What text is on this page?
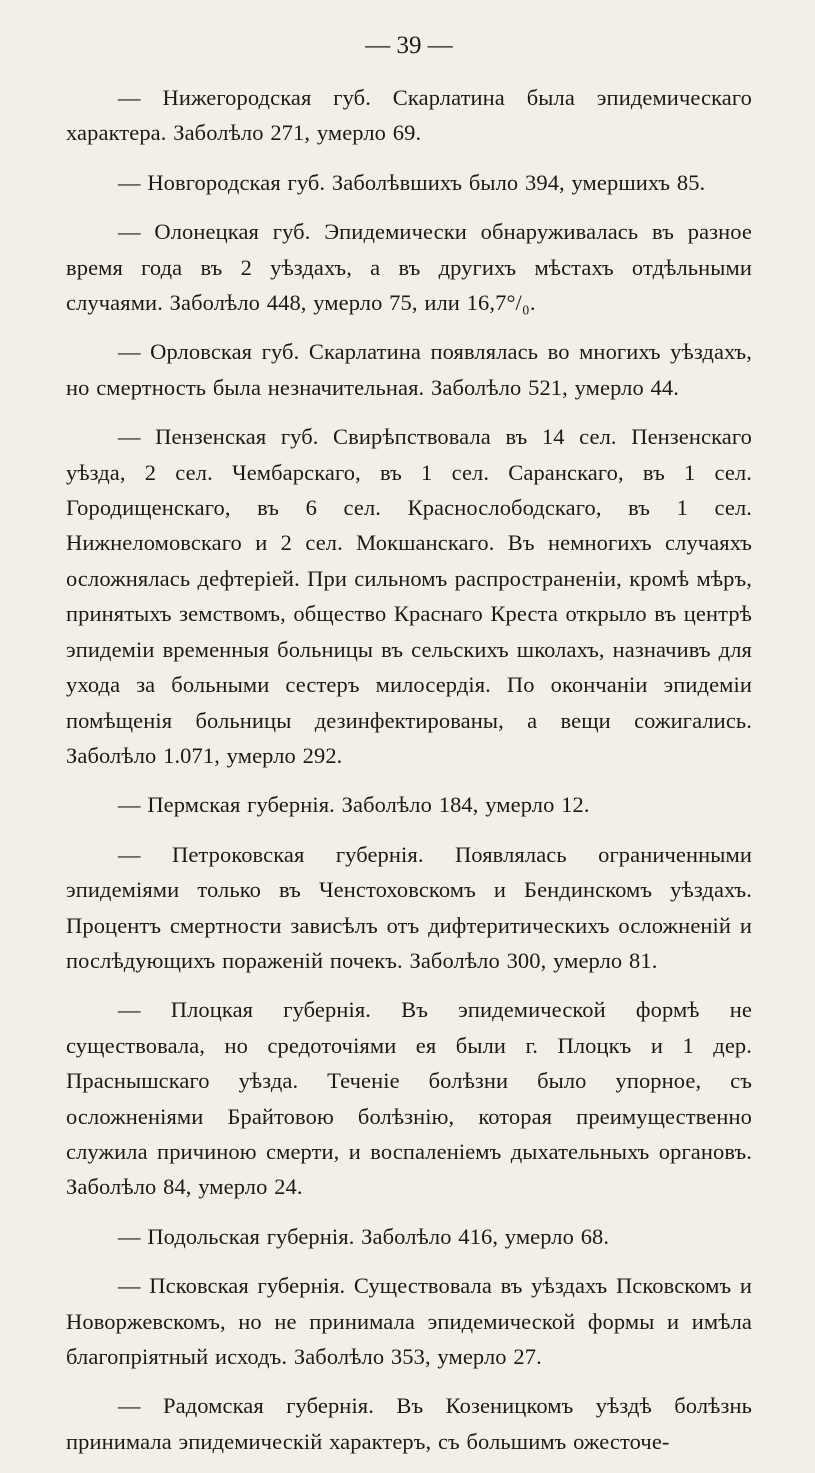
— 39 —

— Нижегородская губ. Скарлатина была эпидемическаго характера. Заболѣло 271, умерло 69.

— Новгородская губ. Заболѣвшихъ было 394, умершихъ 85.

— Олонецкая губ. Эпидемически обнаруживалась въ разное время года въ 2 уѣздахъ, а въ другихъ мѣстахъ отдѣльными случаями. Заболѣло 448, умерло 75, или 16,7°/₀.

— Орловская губ. Скарлатина появлялась во многихъ уѣздахъ, но смертность была незначительная. Заболѣло 521, умерло 44.

— Пензенская губ. Свирѣпствовала въ 14 сел. Пензенскаго уѣзда, 2 сел. Чембарскаго, въ 1 сел. Саранскаго, въ 1 сел. Городищенскаго, въ 6 сел. Краснослободскаго, въ 1 сел. Нижнеломовскаго и 2 сел. Мокшанскаго. Въ немногихъ случаяхъ осложнялась дефтеріей. При сильномъ распространеніи, кромѣ мѣръ, принятыхъ земствомъ, общество Краснаго Креста открыло въ центрѣ эпидеміи временныя больницы въ сельскихъ школахъ, назначивъ для ухода за больными сестеръ милосердія. По окончаніи эпидеміи помѣщенія больницы дезинфектированы, а вещи сожигались. Заболѣло 1.071, умерло 292.

— Пермская губернія. Заболѣло 184, умерло 12.

— Петроковская губернія. Появлялась ограниченными эпидеміями только въ Ченстоховскомъ и Бендинскомъ уѣздахъ. Процентъ смертности зависѣлъ отъ дифтеритическихъ осложненій и послѣдующихъ пораженій почекъ. Заболѣло 300, умерло 81.

— Плоцкая губернія. Въ эпидемической формѣ не существовала, но средоточіями ея были г. Плоцкъ и 1 дер. Праснышскаго уѣзда. Теченіе болѣзни было упорное, съ осложненіями Брайтовою болѣзнію, которая преимущественно служила причиною смерти, и воспаленіемъ дыхательныхъ органовъ. Заболѣло 84, умерло 24.

— Подольская губернія. Заболѣло 416, умерло 68.

— Псковская губернія. Существовала въ уѣздахъ Псковскомъ и Новоржевскомъ, но не принимала эпидемической формы и имѣла благопріятный исходъ. Заболѣло 353, умерло 27.

— Радомская губернія. Въ Козеницкомъ уѣздѣ болѣзнь принимала эпидемическій характеръ, съ большимъ ожесточе-
